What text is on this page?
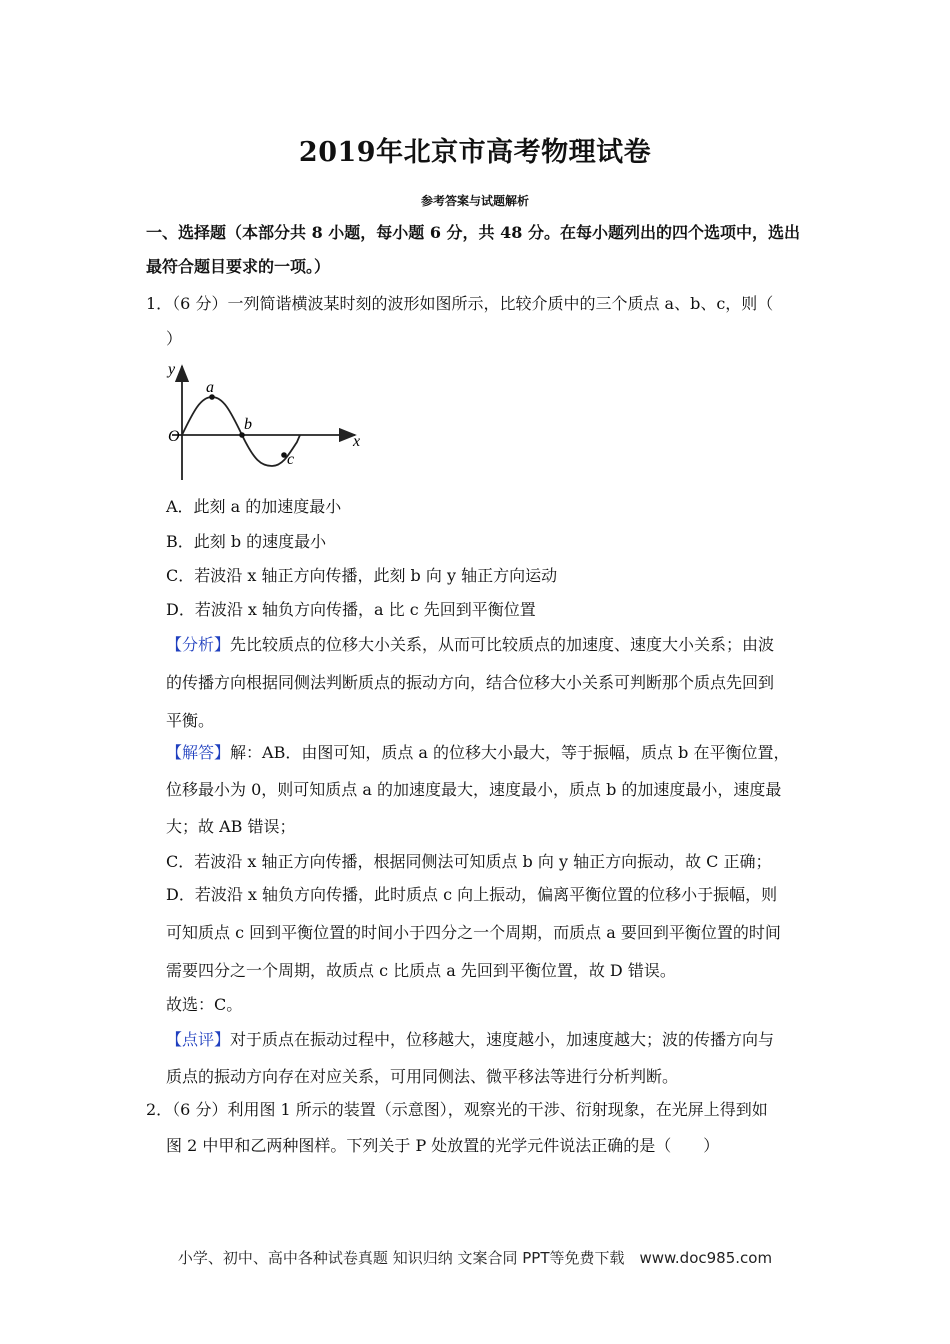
2019年北京市高考物理试卷
参考答案与试题解析
一、选择题（本部分共 8 小题，每小题 6 分，共 48 分。在每小题列出的四个选项中，选出
最符合题目要求的一项。）
1．（6 分）一列简谐横波某时刻的波形如图所示，比较介质中的三个质点 a、b、c，则（
）
y
x
O
a
b
c
A．此刻 a 的加速度最小
B．此刻 b 的速度最小
C．若波沿 x 轴正方向传播，此刻 b 向 y 轴正方向运动
D．若波沿 x 轴负方向传播，a 比 c 先回到平衡位置
【分析】先比较质点的位移大小关系，从而可比较质点的加速度、速度大小关系；由波
的传播方向根据同侧法判断质点的振动方向，结合位移大小关系可判断那个质点先回到
平衡。
【解答】解：AB．由图可知，质点 a 的位移大小最大，等于振幅，质点 b 在平衡位置，
位移最小为 0，则可知质点 a 的加速度最大，速度最小，质点 b 的加速度最小，速度最
大；故 AB 错误；
C．若波沿 x 轴正方向传播，根据同侧法可知质点 b 向 y 轴正方向振动，故 C 正确；
D．若波沿 x 轴负方向传播，此时质点 c 向上振动，偏离平衡位置的位移小于振幅，则
可知质点 c 回到平衡位置的时间小于四分之一个周期，而质点 a 要回到平衡位置的时间
需要四分之一个周期，故质点 c 比质点 a 先回到平衡位置，故 D 错误。
故选：C。
【点评】对于质点在振动过程中，位移越大，速度越小，加速度越大；波的传播方向与
质点的振动方向存在对应关系，可用同侧法、微平移法等进行分析判断。
2．（6 分）利用图 1 所示的装置（示意图），观察光的干涉、衍射现象，在光屏上得到如
图 2 中甲和乙两种图样。下列关于 P 处放置的光学元件说法正确的是（　　）
小学、初中、高中各种试卷真题 知识归纳 文案合同 PPT等免费下载　www.doc985.com
